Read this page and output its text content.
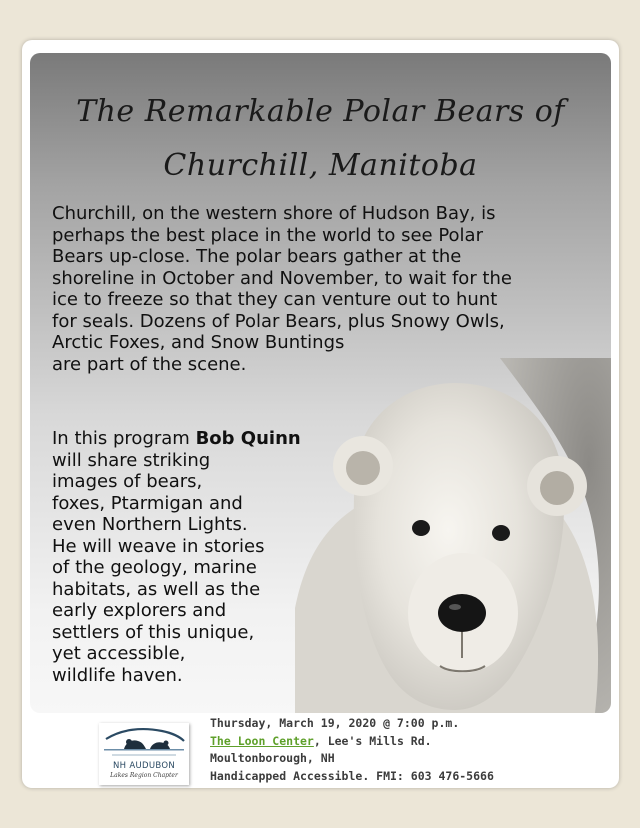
The Remarkable Polar Bears of
Churchill, Manitoba
Churchill, on the western shore of Hudson Bay, is
perhaps the best place in the world to see Polar
Bears up-close. The polar bears gather at the
shoreline in October and November, to wait for the
ice to freeze so that they can venture out to hunt
for seals. Dozens of Polar Bears, plus Snowy Owls,
Arctic Foxes, and Snow Buntings
are part of the scene.
In this program Bob Quinn
will share striking
images of bears,
foxes, Ptarmigan and
even Northern Lights.
He will weave in stories
of the geology, marine
habitats, as well as the
early explorers and
settlers of this unique,
yet accessible,
wildlife haven.
NH AUDUBON
Lakes Region Chapter
Thursday, March 19, 2020 @ 7:00 p.m.
The Loon Center, Lee's Mills Rd.
Moultonborough, NH
Handicapped Accessible. FMI: 603 476-5666
